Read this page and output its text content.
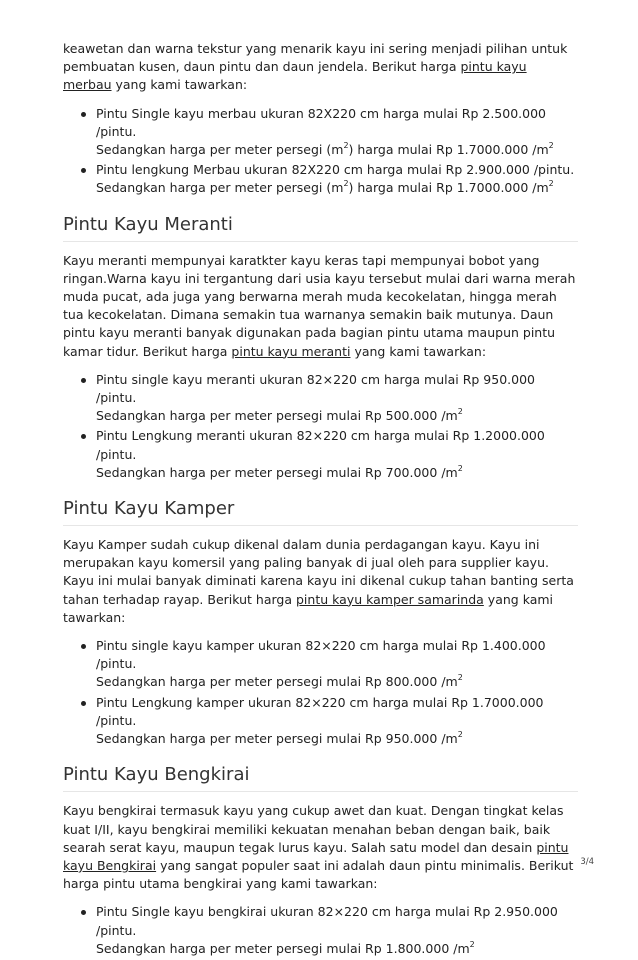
keawetan dan warna tekstur yang menarik kayu ini sering menjadi pilihan untuk pembuatan kusen, daun pintu dan daun jendela. Berikut harga pintu kayu merbau yang kami tawarkan:

Pintu Single kayu merbau ukuran 82X220 cm harga mulai Rp 2.500.000 /pintu.
Sedangkan harga per meter persegi $(m^2)$ harga mulai Rp 1.7000.000 $/m^2$
Pintu lengkung Merbau ukuran 82X220 cm harga mulai Rp 2.900.000 /pintu.
Sedangkan harga per meter persegi $(m^2)$ harga mulai Rp 1.7000.000 $/m^2$
Pintu Kayu Meranti

Kayu meranti mempunyai karatkter kayu keras tapi mempunyai bobot yang ringan.Warna kayu ini tergantung dari usia kayu tersebut mulai dari warna merah muda pucat, ada juga yang berwarna merah muda kecokelatan, hingga merah tua kecokelatan. Dimana semakin tua warnanya semakin baik mutunya. Daun pintu kayu meranti banyak digunakan pada bagian pintu utama maupun pintu kamar tidur. Berikut harga pintu kayu meranti yang kami tawarkan:

Pintu single kayu meranti ukuran 82×220 cm harga mulai Rp 950.000 /pintu.
Sedangkan harga per meter persegi mulai Rp 500.000 $/m^2$
Pintu Lengkung meranti ukuran 82×220 cm harga mulai Rp 1.2000.000 /pintu.
Sedangkan harga per meter persegi mulai Rp 700.000 $/m^2$
Pintu Kayu Kamper

Kayu Kamper sudah cukup dikenal dalam dunia perdagangan kayu. Kayu ini merupakan kayu komersil yang paling banyak di jual oleh para supplier kayu. Kayu ini mulai banyak diminati karena kayu ini dikenal cukup tahan banting serta tahan terhadap rayap. Berikut harga pintu kayu kamper samarinda yang kami tawarkan:

Pintu single kayu kamper ukuran 82×220 cm harga mulai Rp 1.400.000 /pintu.
Sedangkan harga per meter persegi mulai Rp 800.000 $/m^2$
Pintu Lengkung kamper ukuran 82×220 cm harga mulai Rp 1.7000.000 /pintu.
Sedangkan harga per meter persegi mulai Rp 950.000 $/m^2$
Pintu Kayu Bengkirai

Kayu bengkirai termasuk kayu yang cukup awet dan kuat. Dengan tingkat kelas kuat I/II, kayu bengkirai memiliki kekuatan menahan beban dengan baik, baik searah serat kayu, maupun tegak lurus kayu. Salah satu model dan desain pintu kayu Bengkirai yang sangat populer saat ini adalah daun pintu minimalis. Berikut harga pintu utama bengkirai yang kami tawarkan:

Pintu Single kayu bengkirai ukuran 82×220 cm harga mulai Rp 2.950.000 /pintu.
Sedangkan harga per meter persegi mulai Rp 1.800.000 $/m^2$
3/4
